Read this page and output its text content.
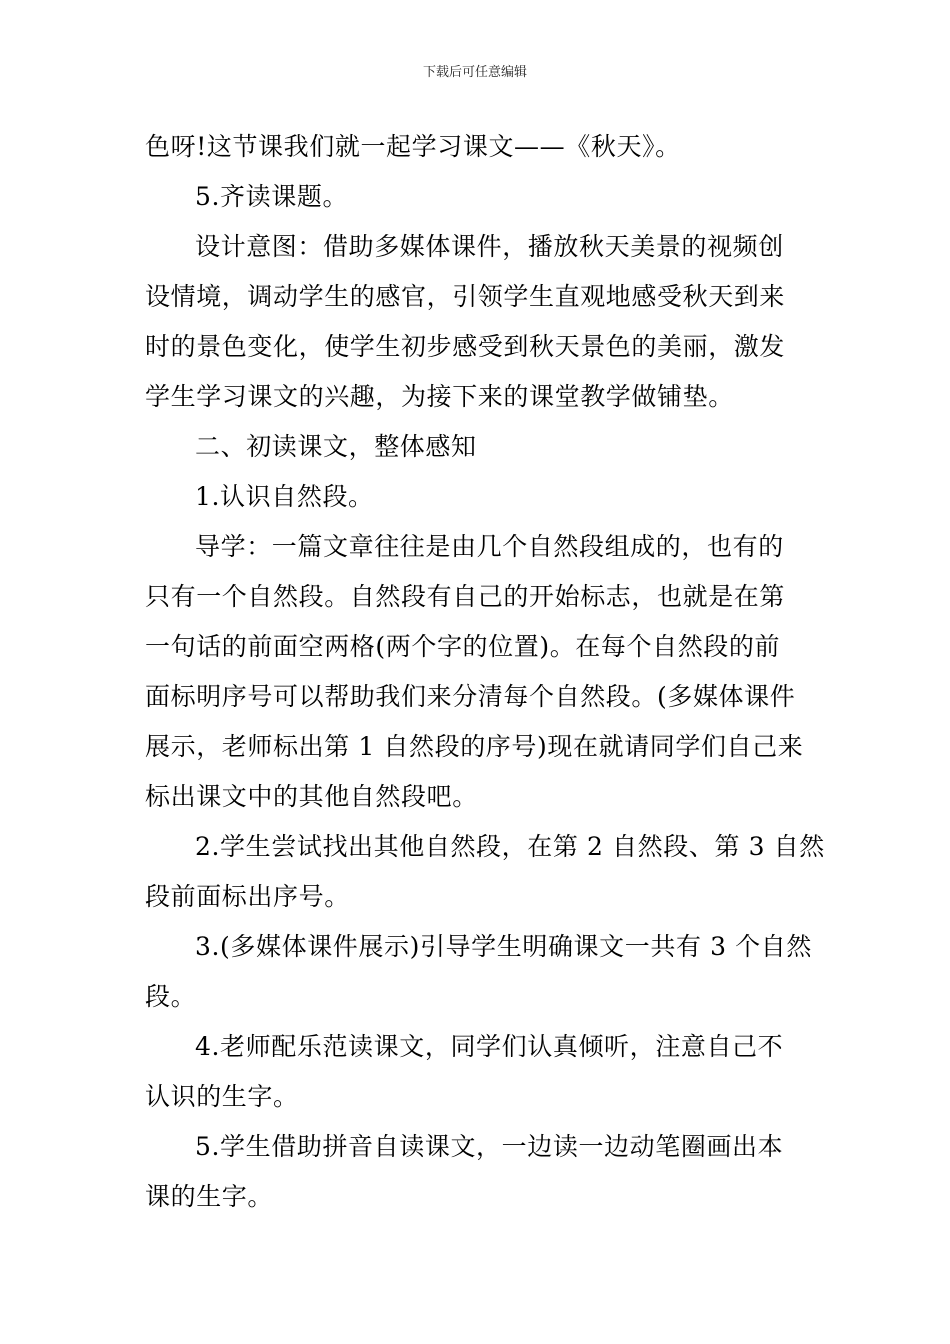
下载后可任意编辑
色呀!这节课我们就一起学习课文——《秋天》。
5.齐读课题。
设计意图：借助多媒体课件，播放秋天美景的视频创
设情境，调动学生的感官，引领学生直观地感受秋天到来
时的景色变化，使学生初步感受到秋天景色的美丽，激发
学生学习课文的兴趣，为接下来的课堂教学做铺垫。
二、初读课文，整体感知
1.认识自然段。
导学：一篇文章往往是由几个自然段组成的，也有的
只有一个自然段。自然段有自己的开始标志，也就是在第
一句话的前面空两格(两个字的位置)。在每个自然段的前
面标明序号可以帮助我们来分清每个自然段。(多媒体课件
展示，老师标出第 1 自然段的序号)现在就请同学们自己来
标出课文中的其他自然段吧。
2.学生尝试找出其他自然段，在第 2 自然段、第 3 自然
段前面标出序号。
3.(多媒体课件展示)引导学生明确课文一共有 3 个自然
段。
4.老师配乐范读课文，同学们认真倾听，注意自己不
认识的生字。
5.学生借助拼音自读课文，一边读一边动笔圈画出本
课的生字。
